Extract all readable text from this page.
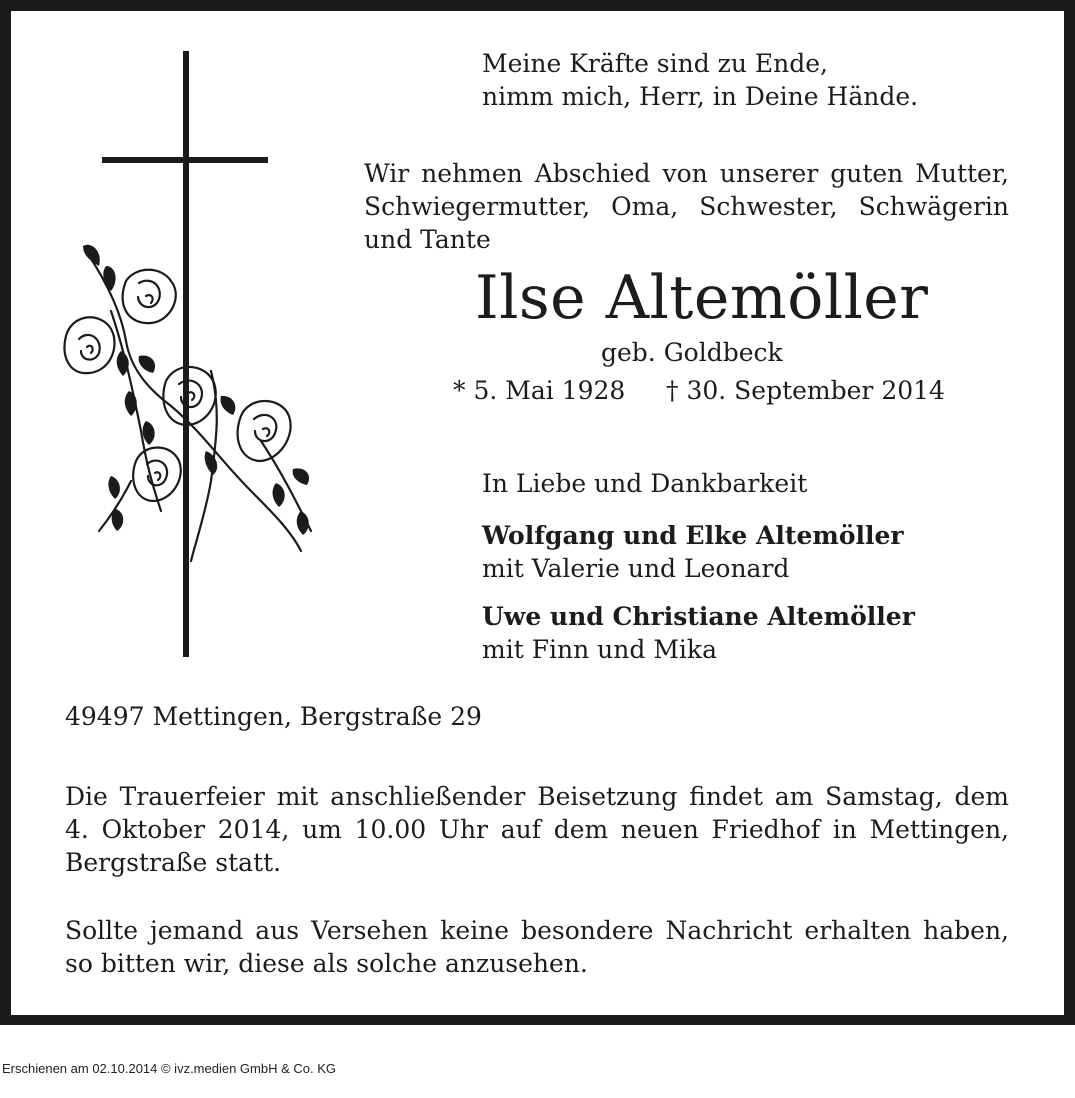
Meine Kräfte sind zu Ende,
nimm mich, Herr, in Deine Hände.
Wir nehmen Abschied von unserer guten Mutter, Schwiegermutter, Oma, Schwester, Schwägerin und Tante
Ilse Altemöller
geb. Goldbeck
* 5. Mai 1928 † 30. September 2014
In Liebe und Dankbarkeit
Wolfgang und Elke Altemöller
mit Valerie und Leonard
Uwe und Christiane Altemöller
mit Finn und Mika
49497 Mettingen, Bergstraße 29
Die Trauerfeier mit anschließender Beisetzung findet am Samstag, dem 4. Oktober 2014, um 10.00 Uhr auf dem neuen Friedhof in Mettingen, Bergstraße statt.
Sollte jemand aus Versehen keine besondere Nachricht erhalten haben, so bitten wir, diese als solche anzusehen.
Erschienen am 02.10.2014 © ivz.medien GmbH & Co. KG
